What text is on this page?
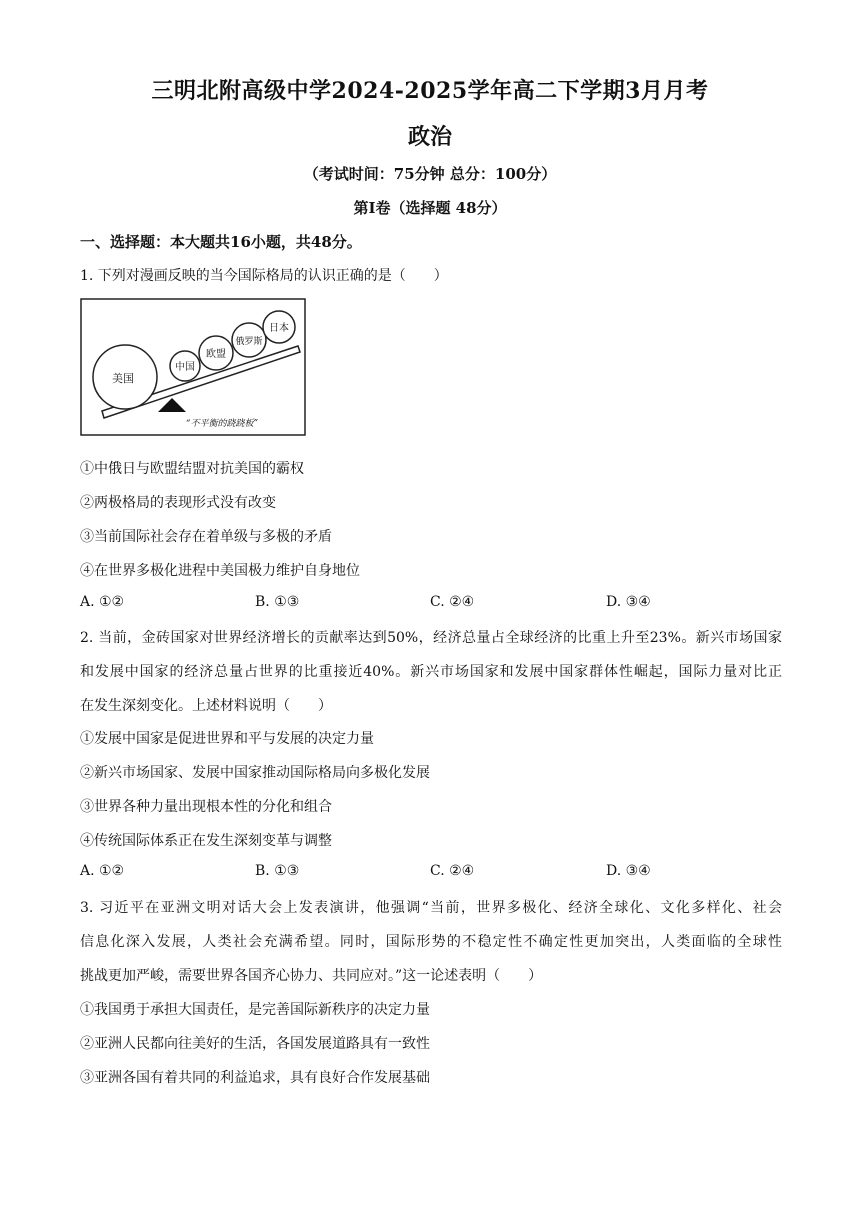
三明北附高级中学2024-2025学年高二下学期3月月考
政治
（考试时间：75分钟 总分：100分）
第Ⅰ卷（选择题 48分）
一、选择题：本大题共16小题，共48分。
1. 下列对漫画反映的当今国际格局的认识正确的是（　　）
美国
中国
欧盟
俄罗斯
日本
“不平衡的跷跷板”
①中俄日与欧盟结盟对抗美国的霸权
②两极格局的表现形式没有改变
③当前国际社会存在着单级与多极的矛盾
④在世界多极化进程中美国极力维护自身地位
A. ①②	B. ①③	C. ②④	D. ③④
2. 当前，金砖国家对世界经济增长的贡献率达到50%，经济总量占全球经济的比重上升至23%。新兴市场国家
和发展中国家的经济总量占世界的比重接近40%。新兴市场国家和发展中国家群体性崛起，国际力量对比正
在发生深刻变化。上述材料说明（　　）
①发展中国家是促进世界和平与发展的决定力量
②新兴市场国家、发展中国家推动国际格局向多极化发展
③世界各种力量出现根本性的分化和组合
④传统国际体系正在发生深刻变革与调整
A. ①②	B. ①③	C. ②④	D. ③④
3. 习近平在亚洲文明对话大会上发表演讲，他强调“当前，世界多极化、经济全球化、文化多样化、社会
信息化深入发展，人类社会充满希望。同时，国际形势的不稳定性不确定性更加突出，人类面临的全球性
挑战更加严峻，需要世界各国齐心协力、共同应对。”这一论述表明（　　）
①我国勇于承担大国责任，是完善国际新秩序的决定力量
②亚洲人民都向往美好的生活，各国发展道路具有一致性
③亚洲各国有着共同的利益追求，具有良好合作发展基础
